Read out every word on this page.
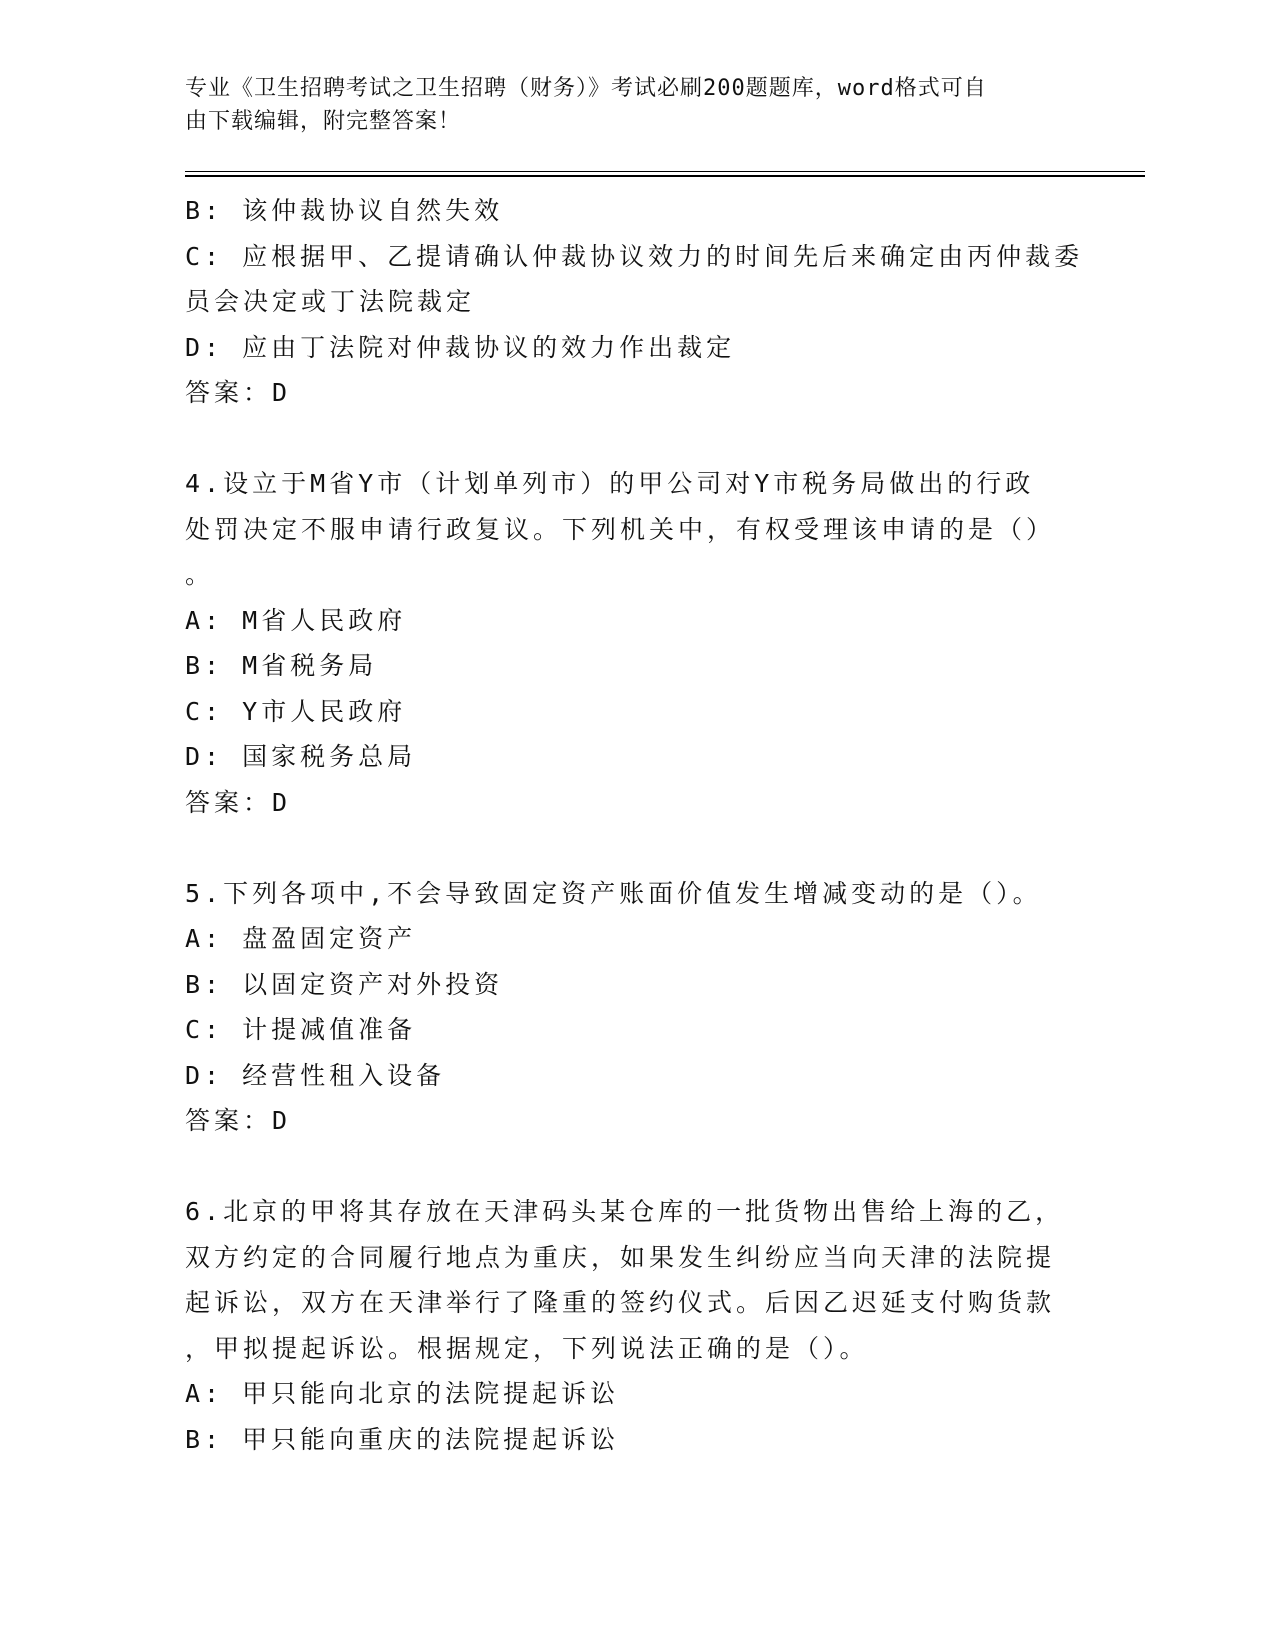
专业《卫生招聘考试之卫生招聘（财务）》考试必刷200题题库，word格式可自
由下载编辑，附完整答案！
B: 该仲裁协议自然失效
C: 应根据甲、乙提请确认仲裁协议效力的时间先后来确定由丙仲裁委
员会决定或丁法院裁定
D: 应由丁法院对仲裁协议的效力作出裁定
答案：D
4.设立于M省Y市（计划单列市）的甲公司对Y市税务局做出的行政
处罚决定不服申请行政复议。下列机关中，有权受理该申请的是（）
。
A: M省人民政府
B: M省税务局
C: Y市人民政府
D: 国家税务总局
答案：D
5.下列各项中,不会导致固定资产账面价值发生增减变动的是（）。
A: 盘盈固定资产
B: 以固定资产对外投资
C: 计提减值准备
D: 经营性租入设备
答案：D
6.北京的甲将其存放在天津码头某仓库的一批货物出售给上海的乙，
双方约定的合同履行地点为重庆，如果发生纠纷应当向天津的法院提
起诉讼，双方在天津举行了隆重的签约仪式。后因乙迟延支付购货款
，甲拟提起诉讼。根据规定，下列说法正确的是（）。
A: 甲只能向北京的法院提起诉讼
B: 甲只能向重庆的法院提起诉讼
